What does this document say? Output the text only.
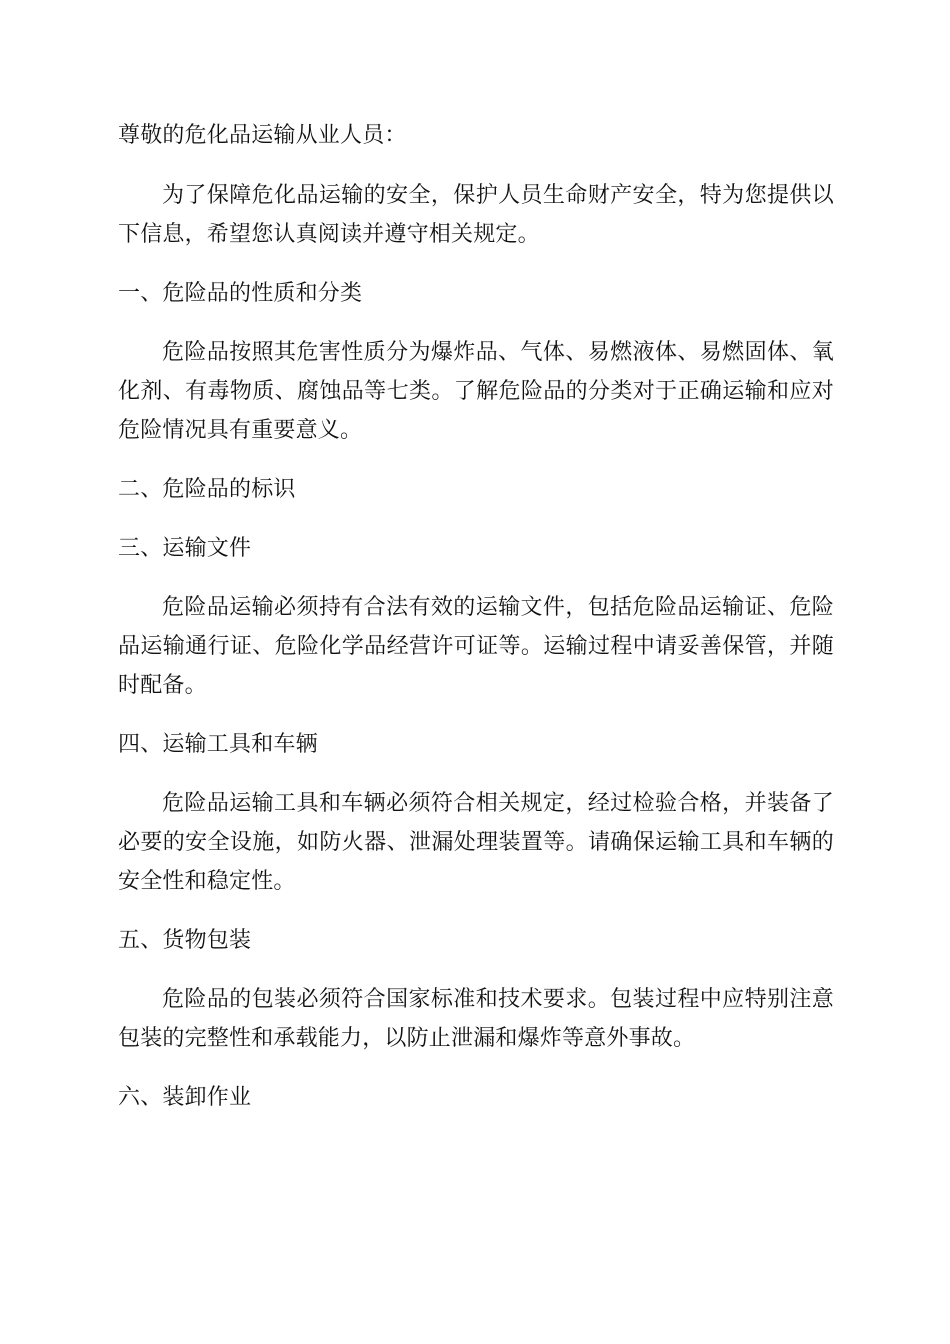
尊敬的危化品运输从业人员：

为了保障危化品运输的安全，保护人员生命财产安全，特为您提供以下信息，希望您认真阅读并遵守相关规定。

一、危险品的性质和分类

危险品按照其危害性质分为爆炸品、气体、易燃液体、易燃固体、氧化剂、有毒物质、腐蚀品等七类。了解危险品的分类对于正确运输和应对危险情况具有重要意义。

二、危险品的标识

三、运输文件

危险品运输必须持有合法有效的运输文件，包括危险品运输证、危险品运输通行证、危险化学品经营许可证等。运输过程中请妥善保管，并随时配备。

四、运输工具和车辆

危险品运输工具和车辆必须符合相关规定，经过检验合格，并装备了必要的安全设施，如防火器、泄漏处理装置等。请确保运输工具和车辆的安全性和稳定性。

五、货物包装

危险品的包装必须符合国家标准和技术要求。包装过程中应特别注意包装的完整性和承载能力，以防止泄漏和爆炸等意外事故。

六、装卸作业
